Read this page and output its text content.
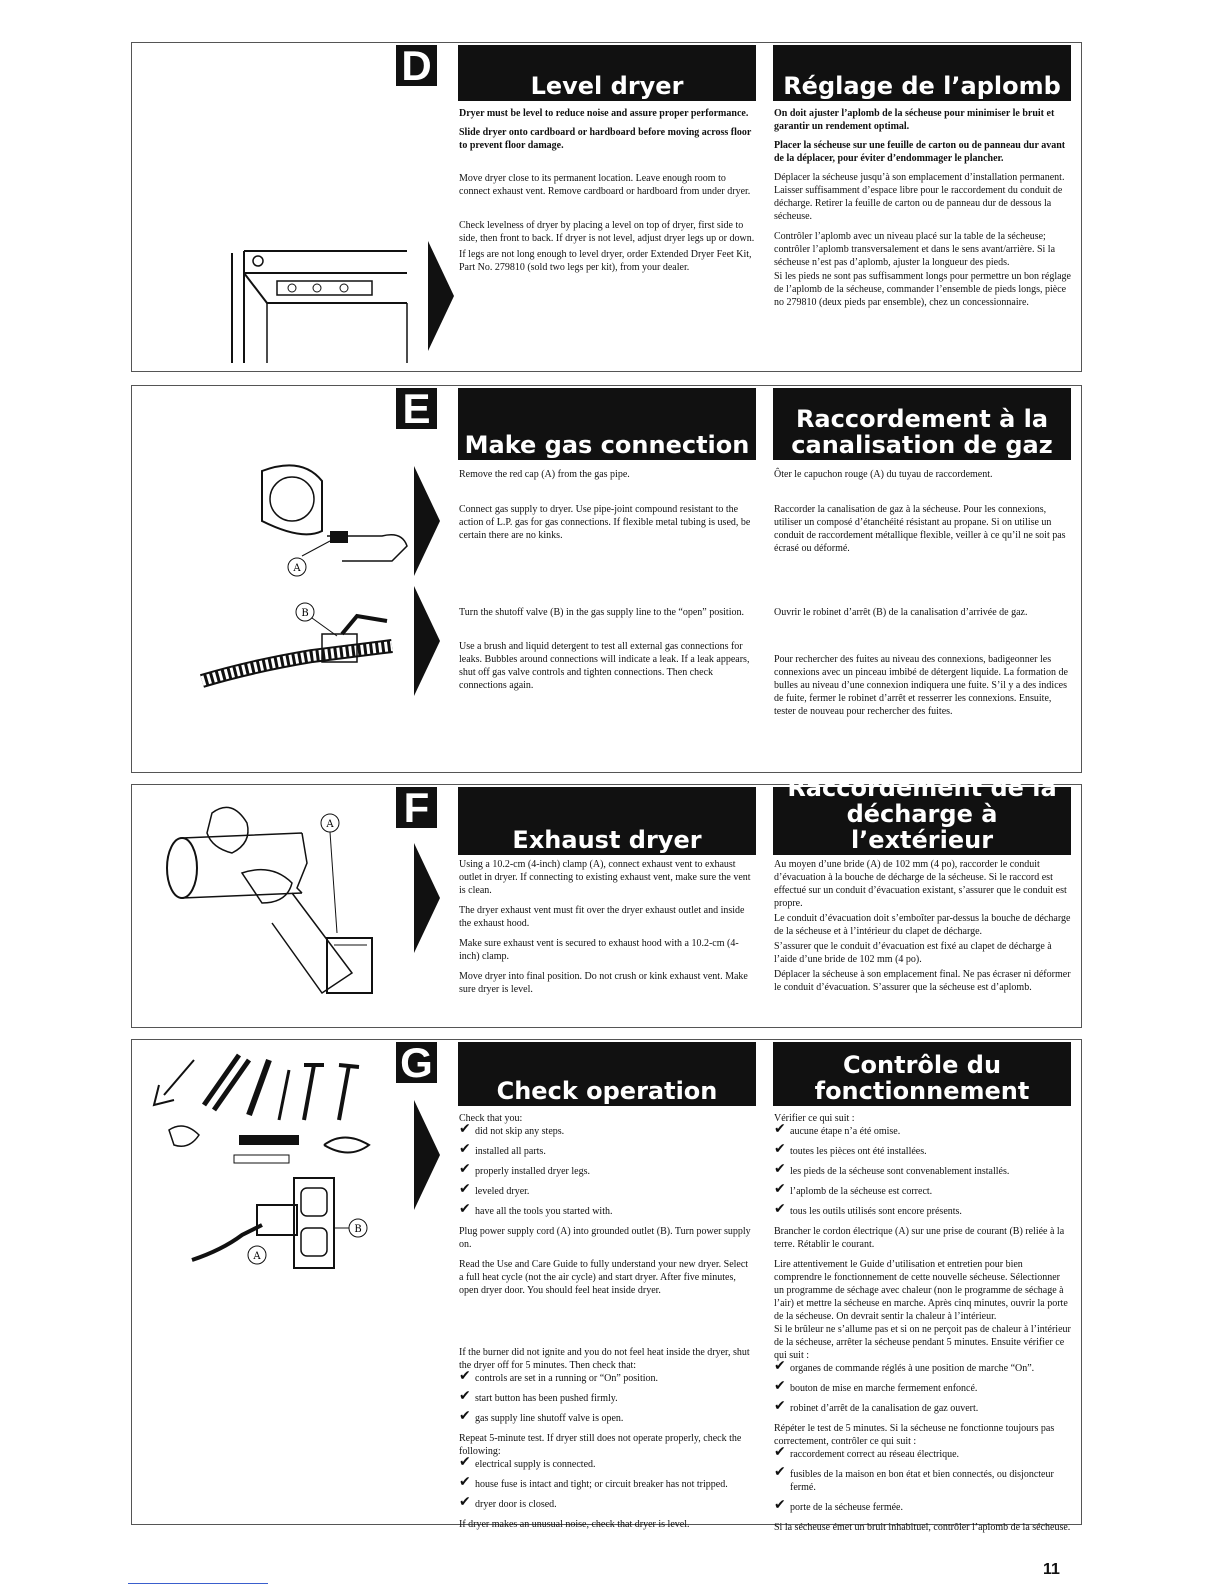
D	Level dryer	Réglage de l’aplomb

Dryer must be level to reduce noise and assure proper performance.

Slide dryer onto cardboard or hardboard before moving across floor to prevent floor damage.

Move dryer close to its permanent location. Leave enough room to connect exhaust vent. Remove cardboard or hardboard from under dryer.

Check levelness of dryer by placing a level on top of dryer, first side to side, then front to back. If dryer is not level, adjust dryer legs up or down.

If legs are not long enough to level dryer, order Extended Dryer Feet Kit, Part No. 279810 (sold two legs per kit), from your dealer.

On doit ajuster l’aplomb de la sécheuse pour minimiser le bruit et garantir un rendement optimal.

Placer la sécheuse sur une feuille de carton ou de panneau dur avant de la déplacer, pour éviter d’endommager le plancher.

Déplacer la sécheuse jusqu’à son emplacement d’installation permanent. Laisser suffisamment d’espace libre pour le raccordement du conduit de décharge. Retirer la feuille de carton ou de panneau dur de dessous la sécheuse.

Contrôler l’aplomb avec un niveau placé sur la table de la sécheuse; contrôler l’aplomb transversalement et dans le sens avant/arrière. Si la sécheuse n’est pas d’aplomb, ajuster la longueur des pieds.

Si les pieds ne sont pas suffisamment longs pour permettre un bon réglage de l’aplomb de la sécheuse, commander l’ensemble de pieds longs, pièce no 279810 (deux pieds par ensemble), chez un concessionnaire.

E
Make gas connection
Raccordement à la
canalisation de gaz
A
B

Remove the red cap (A) from the gas pipe.

Connect gas supply to dryer. Use pipe-joint compound resistant to the action of L.P. gas for gas connections. If flexible metal tubing is used, be certain there are no kinks.

Turn the shutoff valve (B) in the gas supply line to the “open” position.

Use a brush and liquid detergent to test all external gas connections for leaks. Bubbles around connections will indicate a leak. If a leak appears, shut off gas valve controls and tighten connections. Then check connections again.

Ôter le capuchon rouge (A) du tuyau de raccordement.

Raccorder la canalisation de gaz à la sécheuse. Pour les connexions, utiliser un composé d’étanchéité résistant au propane. Si on utilise un conduit de raccordement métallique flexible, veiller à ce qu’il ne soit pas écrasé ou déformé.

Ouvrir le robinet d’arrêt (B) de la canalisation d’arrivée de gaz.

Pour rechercher des fuites au niveau des connexions, badigeonner les connexions avec un pinceau imbibé de détergent liquide. La formation de bulles au niveau d’une connexion indiquera une fuite. S’il y a des indices de fuite, fermer le robinet d’arrêt et resserrer les connexions. Ensuite, tester de nouveau pour rechercher des fuites.

F
Exhaust dryer
Raccordement de la
décharge à l’extérieur
A

Using a 10.2-cm (4-inch) clamp (A), connect exhaust vent to exhaust outlet in dryer. If connecting to existing exhaust vent, make sure the vent is clean.

The dryer exhaust vent must fit over the dryer exhaust outlet and inside the exhaust hood.

Make sure exhaust vent is secured to exhaust hood with a 10.2-cm (4-inch) clamp.

Move dryer into final position. Do not crush or kink exhaust vent. Make sure dryer is level.

Au moyen d’une bride (A) de 102 mm (4 po), raccorder le conduit d’évacuation à la bouche de décharge de la sécheuse. Si le raccord est effectué sur un conduit d’évacuation existant, s’assurer que le conduit est propre.

Le conduit d’évacuation doit s’emboîter par-dessus la bouche de décharge de la sécheuse et à l’intérieur du clapet de décharge.

S’assurer que le conduit d’évacuation est fixé au clapet de décharge à l’aide d’une bride de 102 mm (4 po).

Déplacer la sécheuse à son emplacement final. Ne pas écraser ni déformer le conduit d’évacuation. S’assurer que la sécheuse est d’aplomb.

G
Check operation
Contrôle du
fonctionnement
A
B

Check that you:

✔ did not skip any steps.

✔ installed all parts.

✔ properly installed dryer legs.

✔ leveled dryer.

✔ have all the tools you started with.

Plug power supply cord (A) into grounded outlet (B). Turn power supply on.

Read the Use and Care Guide to fully understand your new dryer. Select a full heat cycle (not the air cycle) and start dryer. After five minutes, open dryer door. You should feel heat inside dryer.

If the burner did not ignite and you do not feel heat inside the dryer, shut the dryer off for 5 minutes. Then check that:

✔ controls are set in a running or “On” position.

✔ start button has been pushed firmly.

✔ gas supply line shutoff valve is open.

Repeat 5-minute test. If dryer still does not operate properly, check the following:

✔ electrical supply is connected.

✔ house fuse is intact and tight; or circuit breaker has not tripped.

✔ dryer door is closed.

If dryer makes an unusual noise, check that dryer is level.

Vérifier ce qui suit :

✔ aucune étape n’a été omise.

✔ toutes les pièces ont été installées.

✔ les pieds de la sécheuse sont convenablement installés.

✔ l’aplomb de la sécheuse est correct.

✔ tous les outils utilisés sont encore présents.

Brancher le cordon électrique (A) sur une prise de courant (B) reliée à la terre. Rétablir le courant.

Lire attentivement le Guide d’utilisation et entretien pour bien comprendre le fonctionnement de cette nouvelle sécheuse. Sélectionner un programme de séchage avec chaleur (non le programme de séchage à l’air) et mettre la sécheuse en marche. Après cinq minutes, ouvrir la porte de la sécheuse. On devrait sentir la chaleur à l’intérieur.

Si le brûleur ne s’allume pas et si on ne perçoit pas de chaleur à l’intérieur de la sécheuse, arrêter la sécheuse pendant 5 minutes. Ensuite vérifier ce qui suit :

✔ organes de commande réglés à une position de marche “On”.

✔ bouton de mise en marche fermement enfoncé.

✔ robinet d’arrêt de la canalisation de gaz ouvert.

Répéter le test de 5 minutes. Si la sécheuse ne fonctionne toujours pas correctement, contrôler ce qui suit :

✔ raccordement correct au réseau électrique.

✔ fusibles de la maison en bon état et bien connectés, ou disjoncteur fermé.

✔ porte de la sécheuse fermée.

Si la sécheuse émet un bruit inhabituel, contrôler l’aplomb de la sécheuse.

11
